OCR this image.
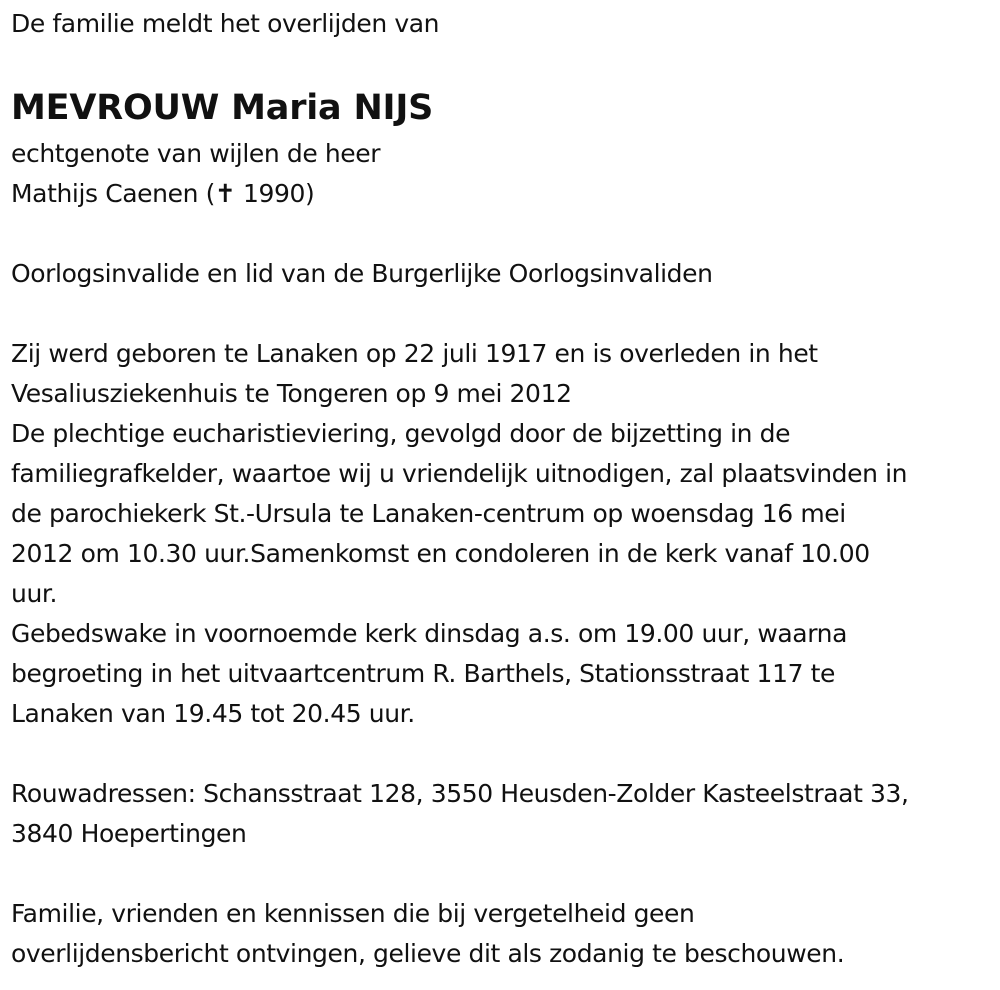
De familie meldt het overlijden van
MEVROUW Maria NIJS
echtgenote van wijlen de heer
Mathijs Caenen (✝ 1990)
Oorlogsinvalide en lid van de Burgerlijke Oorlogsinvaliden
Zij werd geboren te Lanaken op 22 juli 1917 en is overleden in het
Vesaliusziekenhuis te Tongeren op 9 mei 2012
De plechtige eucharistieviering, gevolgd door de bijzetting in de
familiegrafkelder, waartoe wij u vriendelijk uitnodigen, zal plaatsvinden in
de parochiekerk St.-Ursula te Lanaken-centrum op woensdag 16 mei
2012 om 10.30 uur.Samenkomst en condoleren in de kerk vanaf 10.00
uur.
Gebedswake in voornoemde kerk dinsdag a.s. om 19.00 uur, waarna
begroeting in het uitvaartcentrum R. Barthels, Stationsstraat 117 te
Lanaken van 19.45 tot 20.45 uur.
Rouwadressen: Schansstraat 128, 3550 Heusden-Zolder Kasteelstraat 33,
3840 Hoepertingen
Familie, vrienden en kennissen die bij vergetelheid geen
overlijdensbericht ontvingen, gelieve dit als zodanig te beschouwen.
